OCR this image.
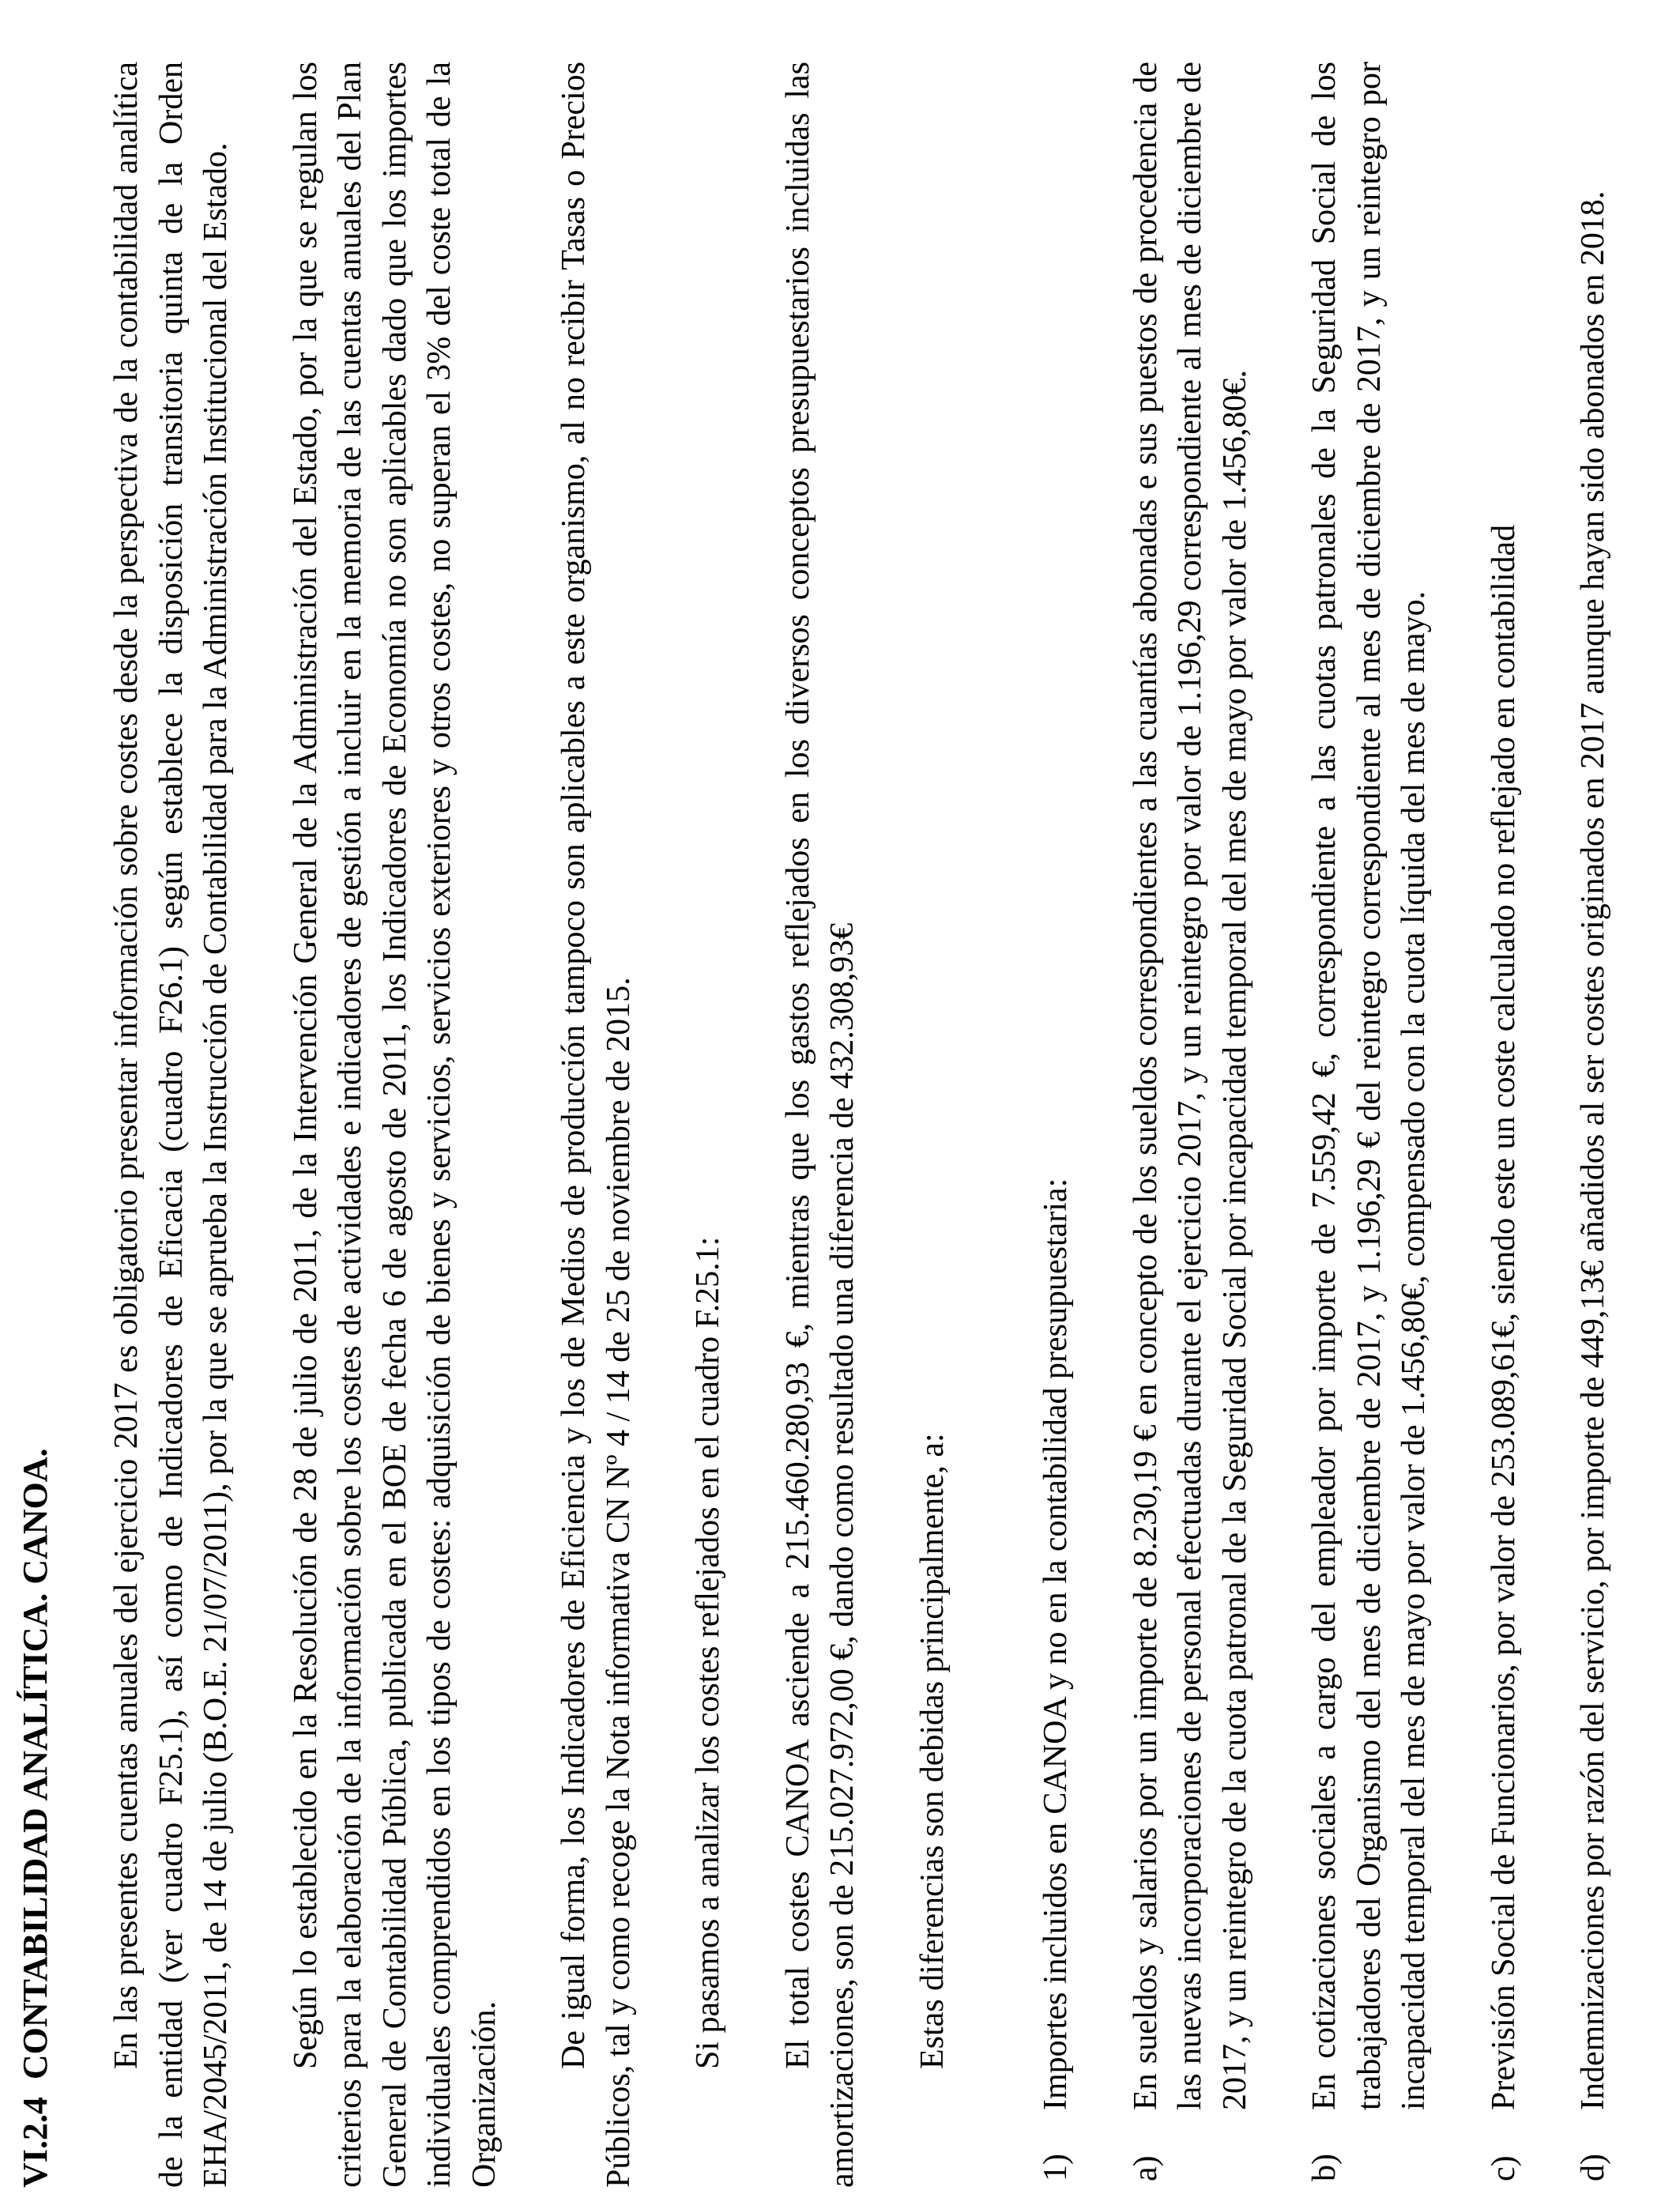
VI.2.4  CONTABILIDAD ANALÍTICA. CANOA.	En las presentes cuentas anuales del ejercicio 2017 es obligatorio presentar información sobre costes desde la perspectiva de la contabilidad analítica de la entidad (ver cuadro F25.1), así como de Indicadores de Eficacia (cuadro F26.1) según establece la disposición transitoria quinta de la Orden EHA/2045/2011, de 14 de julio (B.O.E. 21/07/2011), por la que se aprueba la Instrucción de Contabilidad para la Administración Institucional del Estado. Según lo establecido en la Resolución de 28 de julio de 2011, de la Intervención General de la Administración del Estado, por la que se regulan los criterios para la elaboración de la información sobre los costes de actividades e indicadores de gestión a incluir en la memoria de las cuentas anuales del Plan General de Contabilidad Pública, publicada en el BOE de fecha 6 de agosto de 2011, los Indicadores de Economía no son aplicables dado que los importes individuales comprendidos en los tipos de costes: adquisición de bienes y servicios, servicios exteriores y otros costes, no superan el 3% del coste total de la Organización.

De igual forma, los Indicadores de Eficiencia y los de Medios de producción tampoco son aplicables a este organismo, al no recibir Tasas o Precios Públicos, tal y como recoge la Nota informativa CN Nº 4 / 14 de 25 de noviembre de 2015. Si pasamos a analizar los costes reflejados en el cuadro F.25.1: El total costes CANOA asciende a 215.460.280,93 €, mientras que los gastos reflejados en los diversos conceptos presupuestarios incluidas las amortizaciones, son de 215.027.972,00 €, dando como resultado una diferencia de 432.308,93€ Estas diferencias son debidas principalmente, a:

1)
Importes incluidos en CANOA y no en la contabilidad presupuestaria:
a)
En sueldos y salarios por un importe de 8.230,19 € en concepto de los sueldos correspondientes a las cuantías abonadas e sus puestos de procedencia de las nuevas incorporaciones de personal efectuadas durante el ejercicio 2017, y un reintegro por valor de 1.196,29 correspondiente al mes de diciembre de 2017, y un reintegro de la cuota patronal de la Seguridad Social por incapacidad temporal del mes de mayo por valor de 1.456,80€.
b)
En cotizaciones sociales a cargo del empleador por importe de 7.559,42 €, correspondiente a las cuotas patronales de la Seguridad Social de los trabajadores del Organismo del mes de diciembre de 2017, y 1.196,29 € del reintegro correspondiente al mes de diciembre de 2017, y un reintegro por incapacidad temporal del mes de mayo por valor de 1.456,80€, compensado con la cuota líquida del mes de mayo.
c)
Previsión Social de Funcionarios, por valor de 253.089,61€, siendo este un coste calculado no reflejado en contabilidad
d)
Indemnizaciones por razón del servicio, por importe de 449,13€ añadidos al ser costes originados en 2017 aunque hayan sido abonados en 2018.
